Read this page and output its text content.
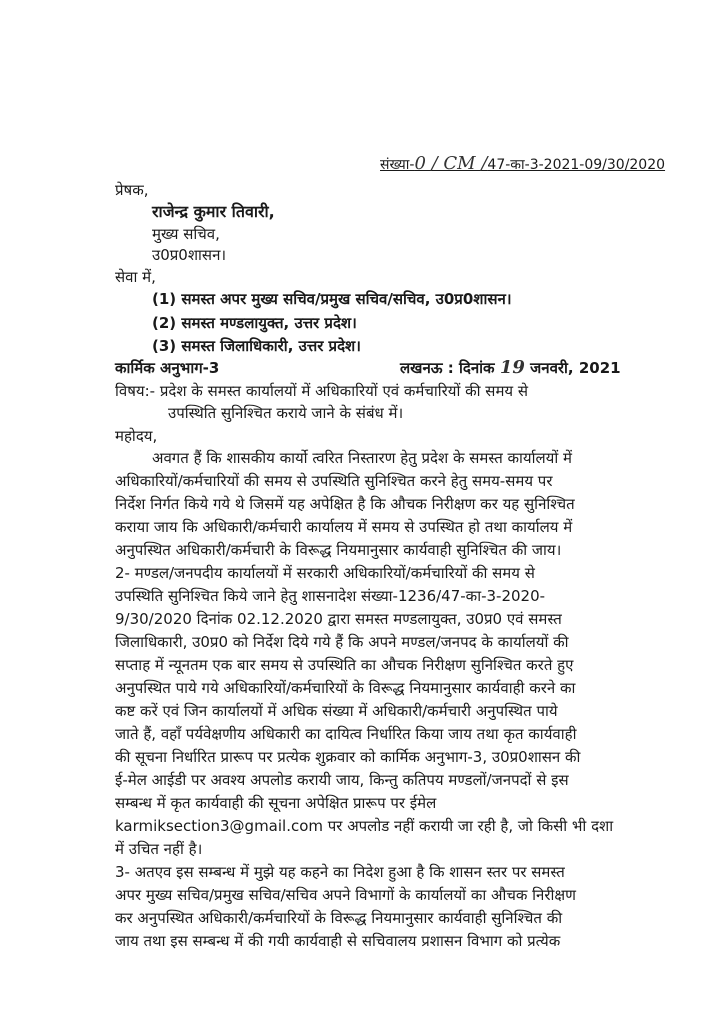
संख्या-0 / CM /47-का-3-2021-09/30/2020
प्रेषक,
राजेन्द्र कुमार तिवारी,
मुख्य सचिव,
उ0प्र0शासन।
सेवा में,
(1) समस्त अपर मुख्य सचिव/प्रमुख सचिव/सचिव, उ0प्र0शासन।
(2) समस्त मण्डलायुक्त, उत्तर प्रदेश।
(3) समस्त जिलाधिकारी, उत्तर प्रदेश।
कार्मिक अनुभाग-3	लखनऊ : दिनांक 19 जनवरी, 2021
विषय:- प्रदेश के समस्त कार्यालयों में अधिकारियों एवं कर्मचारियों की समय से
उपस्थिति सुनिश्चित कराये जाने के संबंध में।
महोदय,
अवगत हैं कि शासकीय कार्यो त्वरित निस्तारण हेतु प्रदेश के समस्त कार्यालयों में
अधिकारियों/कर्मचारियों की समय से उपस्थिति सुनिश्चित करने हेतु समय-समय पर
निर्देश निर्गत किये गये थे जिसमें यह अपेक्षित है कि औचक निरीक्षण कर यह सुनिश्चित
कराया जाय कि अधिकारी/कर्मचारी कार्यालय में समय से उपस्थित हो तथा कार्यालय में
अनुपस्थित अधिकारी/कर्मचारी के विरूद्ध नियमानुसार कार्यवाही सुनिश्चित की जाय।
2- मण्डल/जनपदीय कार्यालयों में सरकारी अधिकारियों/कर्मचारियों की समय से
उपस्थिति सुनिश्चित किये जाने हेतु शासनादेश संख्या-1236/47-का-3-2020-
9/30/2020 दिनांक 02.12.2020 द्वारा समस्त मण्डलायुक्त, उ0प्र0 एवं समस्त
जिलाधिकारी, उ0प्र0 को निर्देश दिये गये हैं कि अपने मण्डल/जनपद के कार्यालयों की
सप्ताह में न्यूनतम एक बार समय से उपस्थिति का औचक निरीक्षण सुनिश्चित करते हुए
अनुपस्थित पाये गये अधिकारियों/कर्मचारियों के विरूद्ध नियमानुसार कार्यवाही करने का
कष्ट करें एवं जिन कार्यालयों में अधिक संख्या में अधिकारी/कर्मचारी अनुपस्थित पाये
जाते हैं, वहाँ पर्यवेक्षणीय अधिकारी का दायित्व निर्धारित किया जाय तथा कृत कार्यवाही
की सूचना निर्धारित प्रारूप पर प्रत्येक शुक्रवार को कार्मिक अनुभाग-3, उ0प्र0शासन की
ई-मेल आईडी पर अवश्य अपलोड करायी जाय, किन्तु कतिपय मण्डलों/जनपदों से इस
सम्बन्ध में कृत कार्यवाही की सूचना अपेक्षित प्रारूप पर ईमेल
karmiksection3@gmail.com पर अपलोड नहीं करायी जा रही है, जो किसी भी दशा
में उचित नहीं है।
3- अतएव इस सम्बन्ध में मुझे यह कहने का निदेश हुआ है कि शासन स्तर पर समस्त
अपर मुख्य सचिव/प्रमुख सचिव/सचिव अपने विभागों के कार्यालयों का औचक निरीक्षण
कर अनुपस्थित अधिकारी/कर्मचारियों के विरूद्ध नियमानुसार कार्यवाही सुनिश्चित की
जाय तथा इस सम्बन्ध में की गयी कार्यवाही से सचिवालय प्रशासन विभाग को प्रत्येक
